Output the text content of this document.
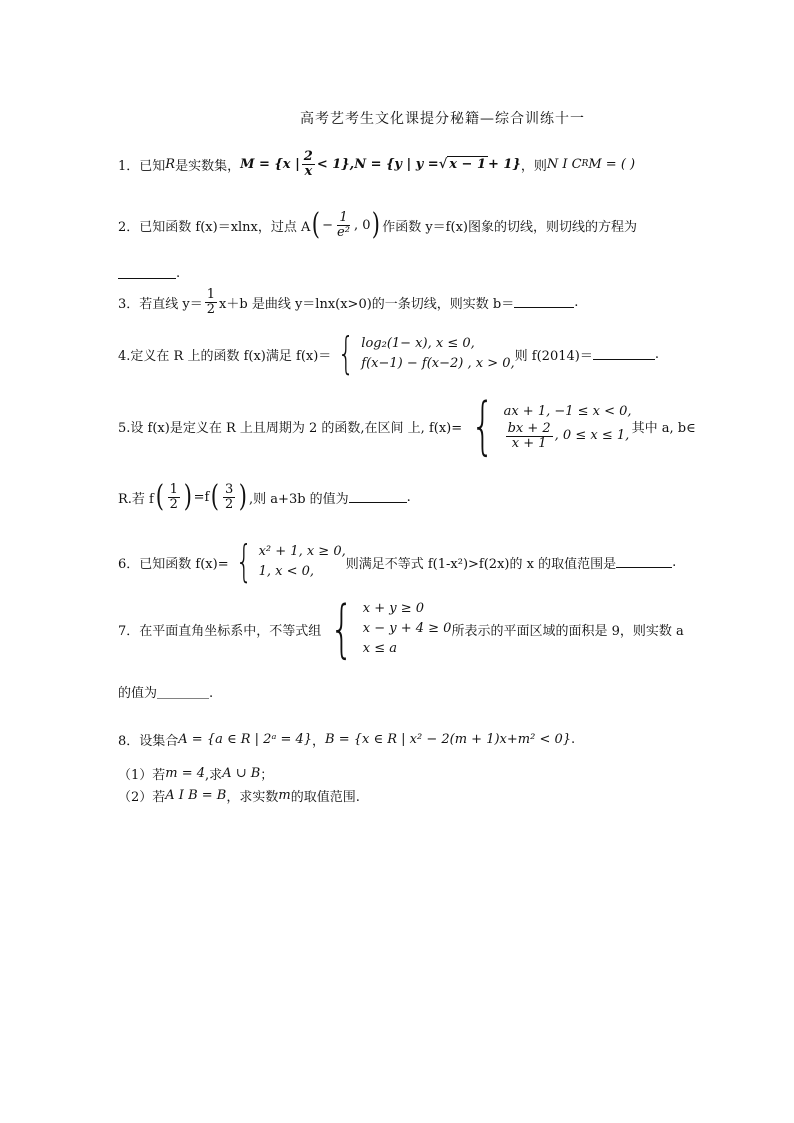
高考艺考生文化课提分秘籍—综合训练十一
1．已知 R 是实数集， M = {x | $\frac{2}{x} < 1$}, N = {y | y = √ x − 1 + 1} ，则 N I C R M = ( )
2．已知函数 f(x)＝xlnx，过点 A ( − $\frac{1}{\text{e²}}$ , 0 ) 作函数 y＝f(x)图象的切线，则切线的方程为
.
3．若直线 $y= \frac{1}{2} x+b$ 是曲线 y＝lnx(x>0)的一条切线，则实数 b＝	.
4.定义在 R 上的函数 f(x)满足 f(x)＝ { log₂(1− x), x ≤ 0,
f(x−1) − f(x−2) , x > 0, 则 f(2014)＝	.
5.设 f(x)是定义在 R 上且周期为 2 的函数,在区间 上, f(x)= { ax + 1, −1 ≤ x < 0,
$\frac{bx + 2}{x + 1}$ , 0 ≤ x ≤ 1, 其中 a, b∈
R.若 f ( $\frac{1}{2}$ ) =f ( $\frac{3}{2}$ ) ,则 a+3b 的值为	.
6．已知函数 f(x)= { x² + 1, x ≥ 0,
1, x < 0,	则满足不等式 f(1-x²)>f(2x)的 x 的取值范围是	.
7．在平面直角坐标系中，不等式组 { x + y ≥ 0
x − y + 4 ≥ 0
x ≤ a
所表示的平面区域的面积是 9，则实数 a
的值为＿＿＿＿.
8．设集合 A = {a ∈ R | 2ᵃ = 4} ， B = {x ∈ R | x² − 2(m + 1)x+m² < 0} .
（1）若 m = 4 ,求 A ∪ B ；
（2）若 A I B = B ，求实数 m 的取值范围.
